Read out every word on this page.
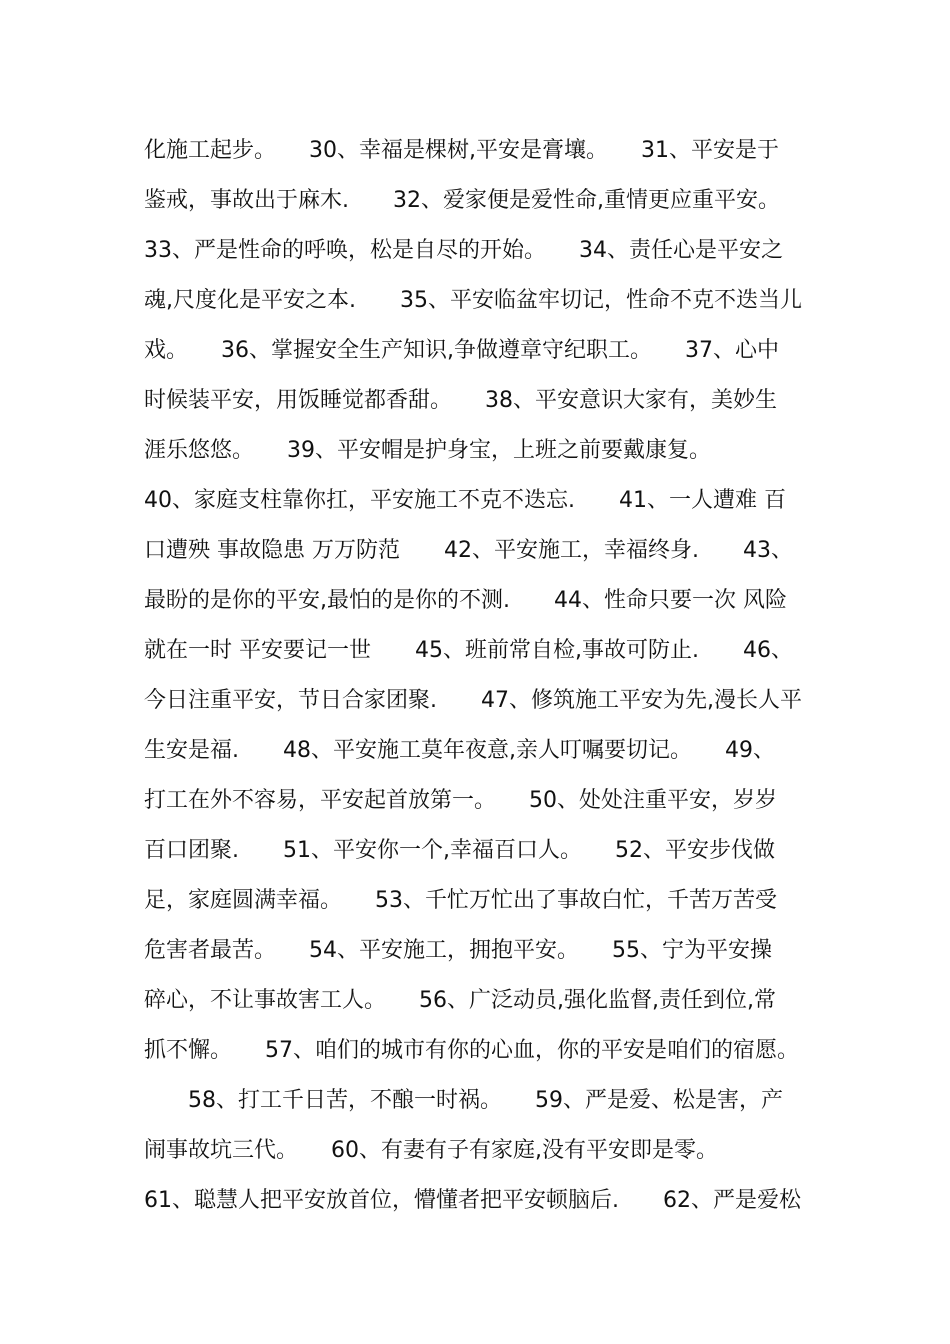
化施工起步。　　30、幸福是棵树,平安是膏壤。　　31、平安是于
鉴戒，事故出于麻木.　　32、爱家便是爱性命,重情更应重平安。
33、严是性命的呼唤，松是自尽的开始。　　34、责任心是平安之
魂,尺度化是平安之本.　　35、平安临盆牢切记，性命不克不迭当儿
戏。　　36、掌握安全生产知识,争做遵章守纪职工。　　37、心中
时候装平安，用饭睡觉都香甜。　　38、平安意识大家有，美妙生
涯乐悠悠。　　39、平安帽是护身宝，上班之前要戴康复。
40、家庭支柱靠你扛，平安施工不克不迭忘.　　41、一人遭难 百
口遭殃 事故隐患 万万防范　　42、平安施工，幸福终身.　　43、
最盼的是你的平安,最怕的是你的不测.　　44、性命只要一次 风险
就在一时 平安要记一世　　45、班前常自检,事故可防止.　　46、
今日注重平安，节日合家团聚.　　47、修筑施工平安为先,漫长人平
生安是福.　　48、平安施工莫年夜意,亲人叮嘱要切记。　　49、
打工在外不容易，平安起首放第一。　　50、处处注重平安，岁岁
百口团聚.　　51、平安你一个,幸福百口人。　　52、平安步伐做
足，家庭圆满幸福。　　53、千忙万忙出了事故白忙，千苦万苦受
危害者最苦。　　54、平安施工，拥抱平安。　　55、宁为平安操
碎心，不让事故害工人。　　56、广泛动员,强化监督,责任到位,常
抓不懈。　　57、咱们的城市有你的心血，你的平安是咱们的宿愿。
　　58、打工千日苦，不酿一时祸。　　59、严是爱、松是害，产
闹事故坑三代。　　60、有妻有子有家庭,没有平安即是零。
61、聪慧人把平安放首位，懵懂者把平安顿脑后.　　62、严是爱松
